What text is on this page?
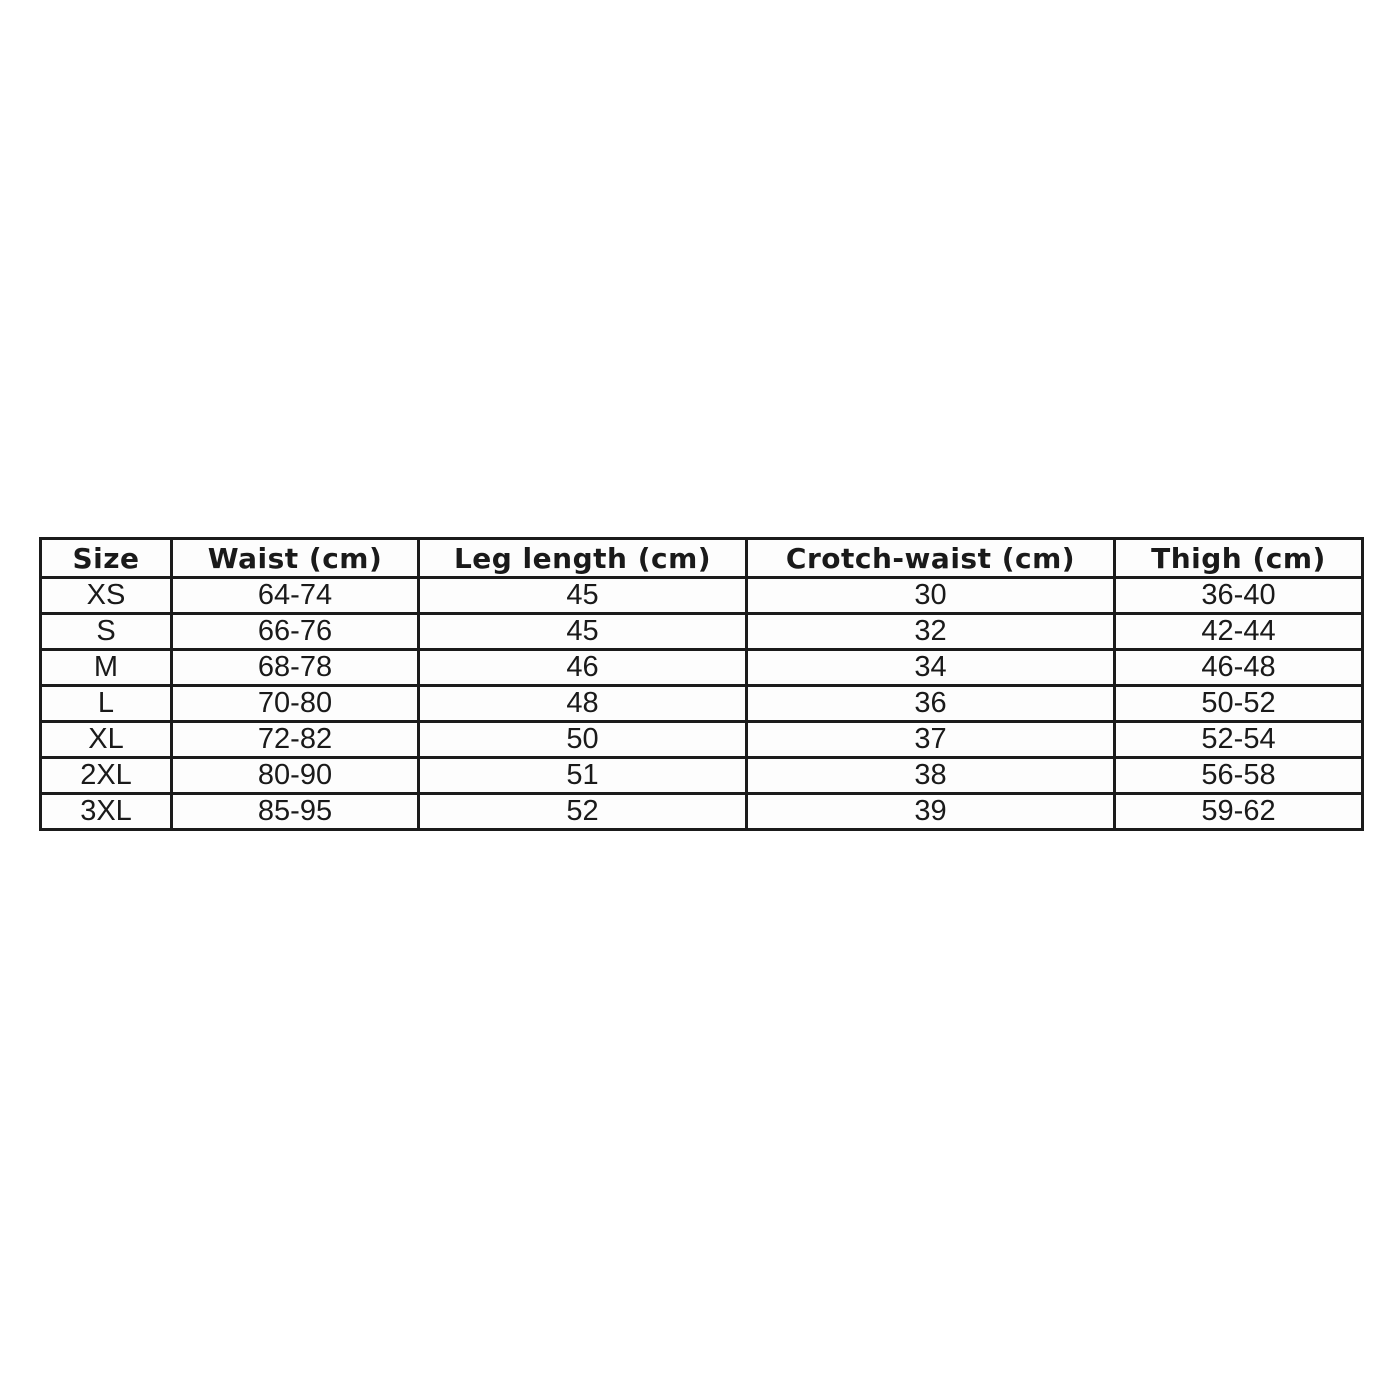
Size	Waist (cm)	Leg length (cm)	Crotch-waist (cm)	Thigh (cm)
XS	64-74	45	30	36-40
S	66-76	45	32	42-44
M	68-78	46	34	46-48
L	70-80	48	36	50-52
XL	72-82	50	37	52-54
2XL	80-90	51	38	56-58
3XL	85-95	52	39	59-62
